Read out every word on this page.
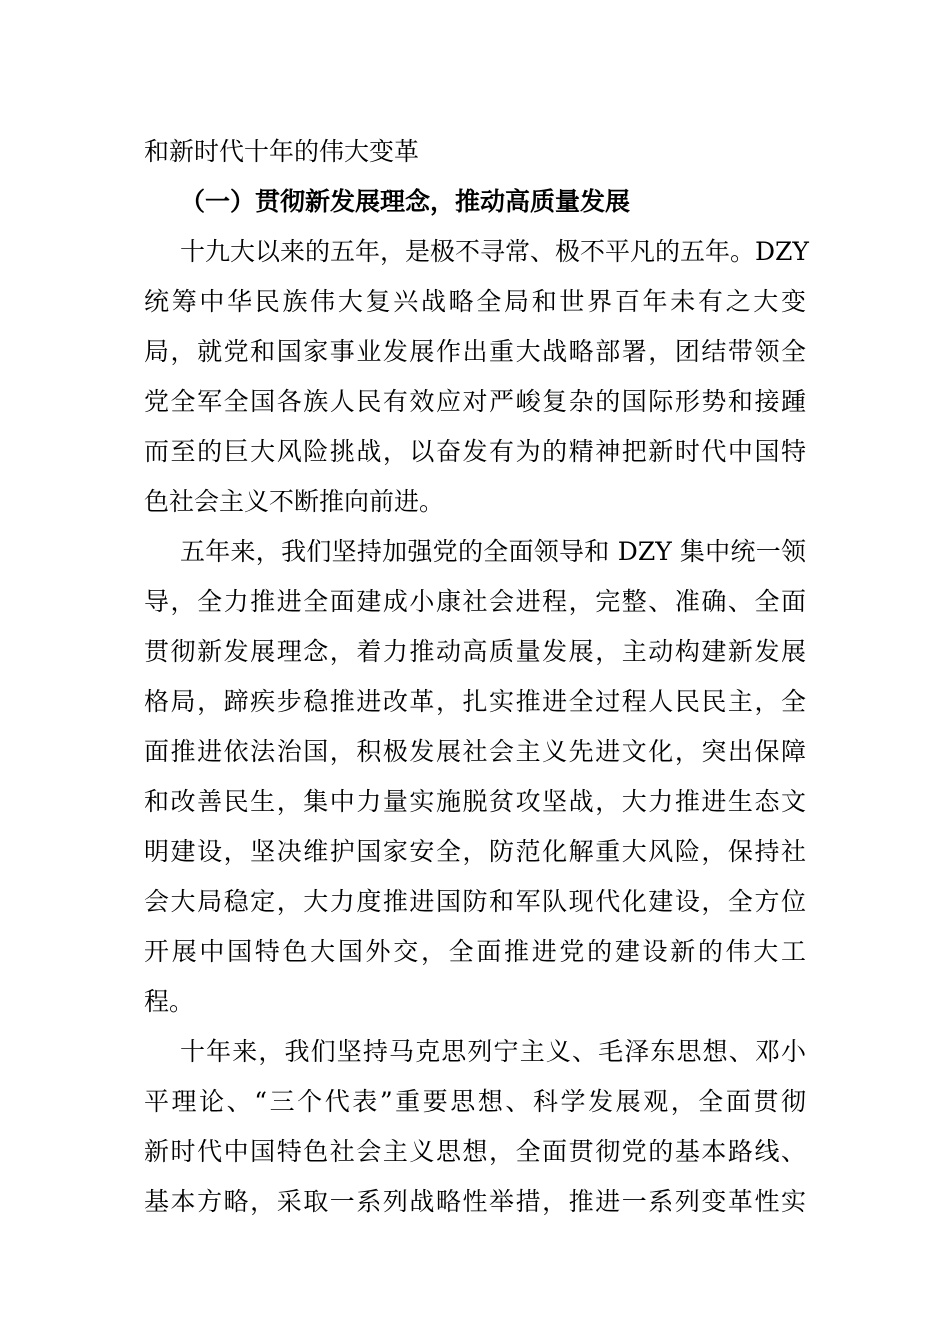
和新时代十年的伟大变革
（一）贯彻新发展理念，推动高质量发展
十九大以来的五年，是极不寻常、极不平凡的五年。DZY
统筹中华民族伟大复兴战略全局和世界百年未有之大变
局，就党和国家事业发展作出重大战略部署，团结带领全
党全军全国各族人民有效应对严峻复杂的国际形势和接踵
而至的巨大风险挑战，以奋发有为的精神把新时代中国特
色社会主义不断推向前进。
五年来，我们坚持加强党的全面领导和 DZY 集中统一领
导，全力推进全面建成小康社会进程，完整、准确、全面
贯彻新发展理念，着力推动高质量发展，主动构建新发展
格局，蹄疾步稳推进改革，扎实推进全过程人民民主，全
面推进依法治国，积极发展社会主义先进文化，突出保障
和改善民生，集中力量实施脱贫攻坚战，大力推进生态文
明建设，坚决维护国家安全，防范化解重大风险，保持社
会大局稳定，大力度推进国防和军队现代化建设，全方位
开展中国特色大国外交，全面推进党的建设新的伟大工
程。
十年来，我们坚持马克思列宁主义、毛泽东思想、邓小
平理论、“三个代表”重要思想、科学发展观，全面贯彻
新时代中国特色社会主义思想，全面贯彻党的基本路线、
基本方略，采取一系列战略性举措，推进一系列变革性实
